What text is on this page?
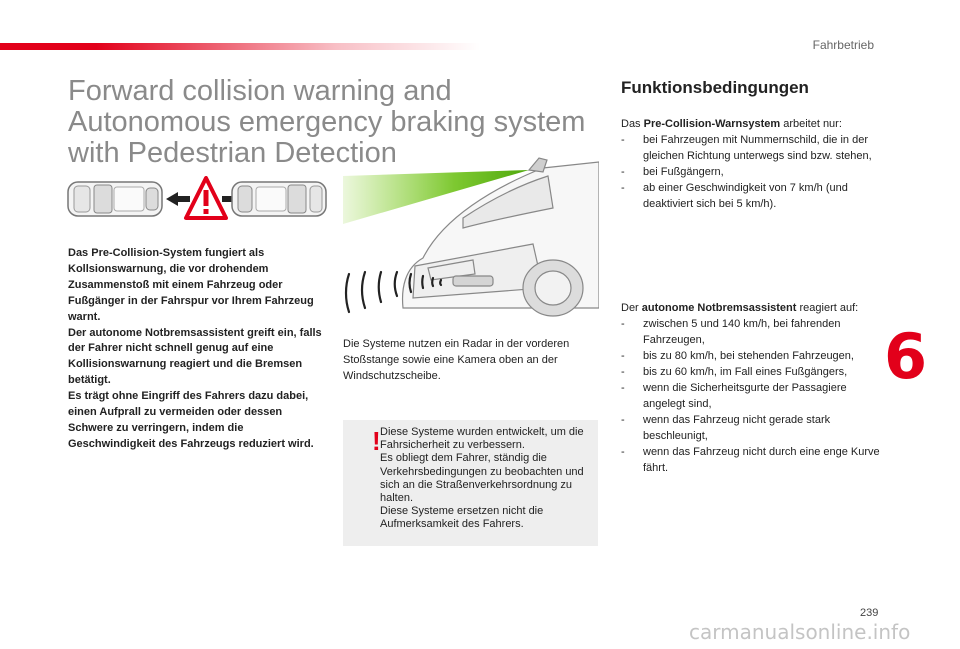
Fahrbetrieb
Forward collision warning and Autonomous emergency braking system with Pedestrian Detection

Das Pre-Collision-System fungiert als Kollsionswarnung, die vor drohendem Zusammenstoß mit einem Fahrzeug oder Fußgänger in der Fahrspur vor Ihrem Fahrzeug warnt.

Der autonome Notbremsassistent greift ein, falls der Fahrer nicht schnell genug auf eine Kollisionswarnung reagiert und die Bremsen betätigt.

Es trägt ohne Eingriff des Fahrers dazu dabei, einen Aufprall zu vermeiden oder dessen Schwere zu verringern, indem die Geschwindigkeit des Fahrzeugs reduziert wird.

Die Systeme nutzen ein Radar in der vorderen Stoßstange sowie eine Kamera oben an der Windschutzscheibe.
! Diese Systeme wurden entwickelt, um die Fahrsicherheit zu verbessern.

Es obliegt dem Fahrer, ständig die Verkehrsbedingungen zu beobachten und sich an die Straßenverkehrsordnung zu halten.

Diese Systeme ersetzen nicht die Aufmerksamkeit des Fahrers.

Funktionsbedingungen
Das Pre-Collision-Warnsystem arbeitet nur:
- bei Fahrzeugen mit Nummernschild, die in der gleichen Richtung unterwegs sind bzw. stehen,
- bei Fußgängern,
- ab einer Geschwindigkeit von 7 km/h (und deaktiviert sich bei 5 km/h).
Der autonome Notbremsassistent reagiert auf:
- zwischen 5 und 140 km/h, bei fahrenden Fahrzeugen,
- bis zu 80 km/h, bei stehenden Fahrzeugen,
- bis zu 60 km/h, im Fall eines Fußgängers,
- wenn die Sicherheitsgurte der Passagiere angelegt sind,
- wenn das Fahrzeug nicht gerade stark beschleunigt,
- wenn das Fahrzeug nicht durch eine enge Kurve fährt.
6
239
carmanualsonline.info
